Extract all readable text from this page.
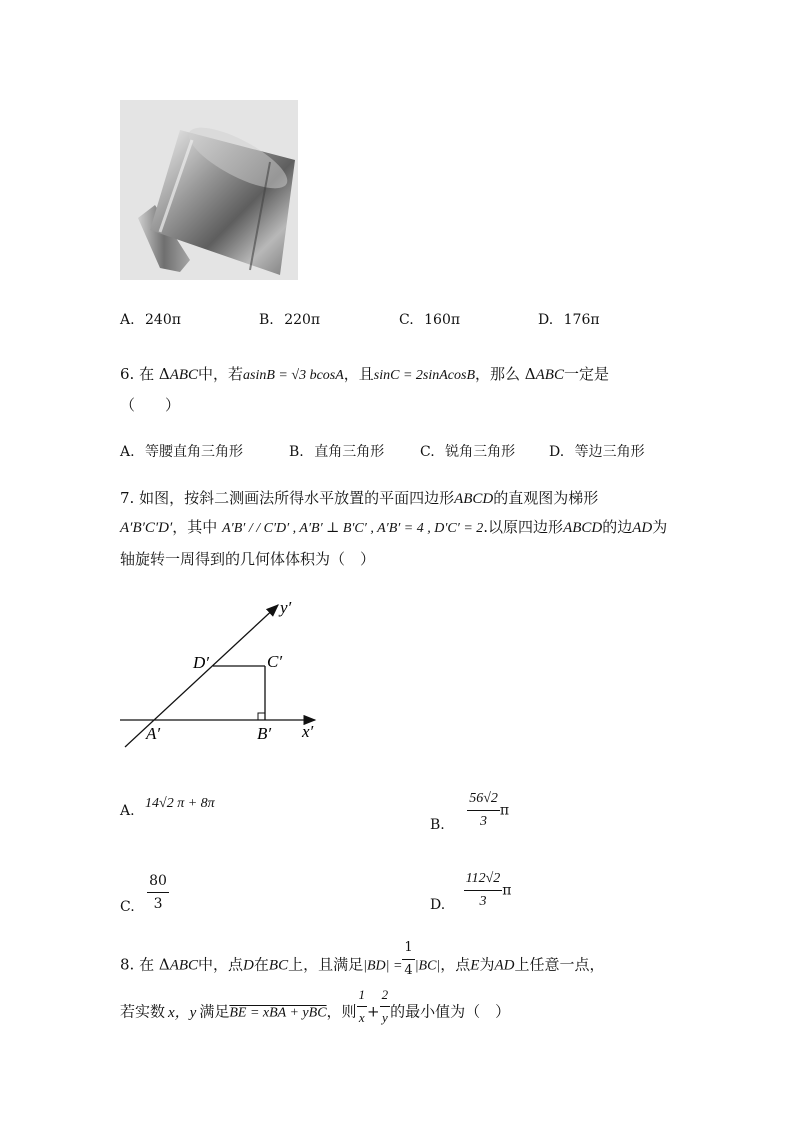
A. 240π	B. 220π	C. 160π	D. 176π
6. 在 ΔABC中，若asinB = √3 bcosA，且sinC = 2sinAcosB，那么 ΔABC一定是
（　　）
A. 等腰直角三角形	B. 直角三角形	C. 锐角三角形 D. 等边三角形
7. 如图，按斜二测画法所得水平放置的平面四边形ABCD的直观图为梯形
A′B′C′D′，其中 A′B′ / / C′D′ , A′B′ ⊥ B′C′ , A′B′ = 4 , D′C′ = 2.以原四边形ABCD的边AD为
轴旋转一周得到的几何体体积为（　）
y′
x′
A′	B′
C′
D′
A. 14√2 π + 8π
B. $\frac{56√2}{3}$ π
C. $\frac{80}{3}$	D. $\frac{112√2}{3}$ π
8. 在 ΔABC中，点D在BC上，且满足$|BD| = \frac{1}{4} |BC|$，点E为AD上任意一点，
若实数 x，y 满足BE = xBA + yBC，则 $\frac{1}{x} + \frac{2}{y}$ 的最小值为（　）
